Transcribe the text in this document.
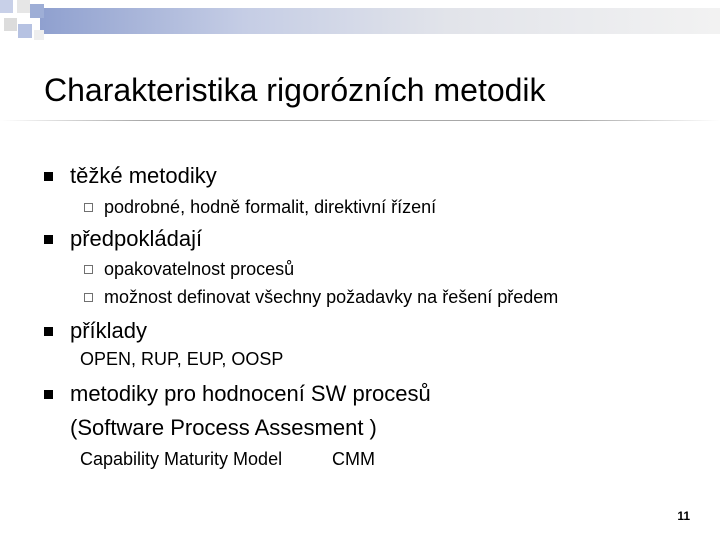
Charakteristika rigorózních metodik
těžké metodiky
podrobné, hodně formalit, direktivní řízení
předpokládají
opakovatelnost procesů
možnost definovat všechny požadavky na řešení předem
příklady
OPEN, RUP, EUP, OOSP
metodiky pro hodnocení SW procesů
(Software Process Assesment )
Capability Maturity Model	CMM
11
